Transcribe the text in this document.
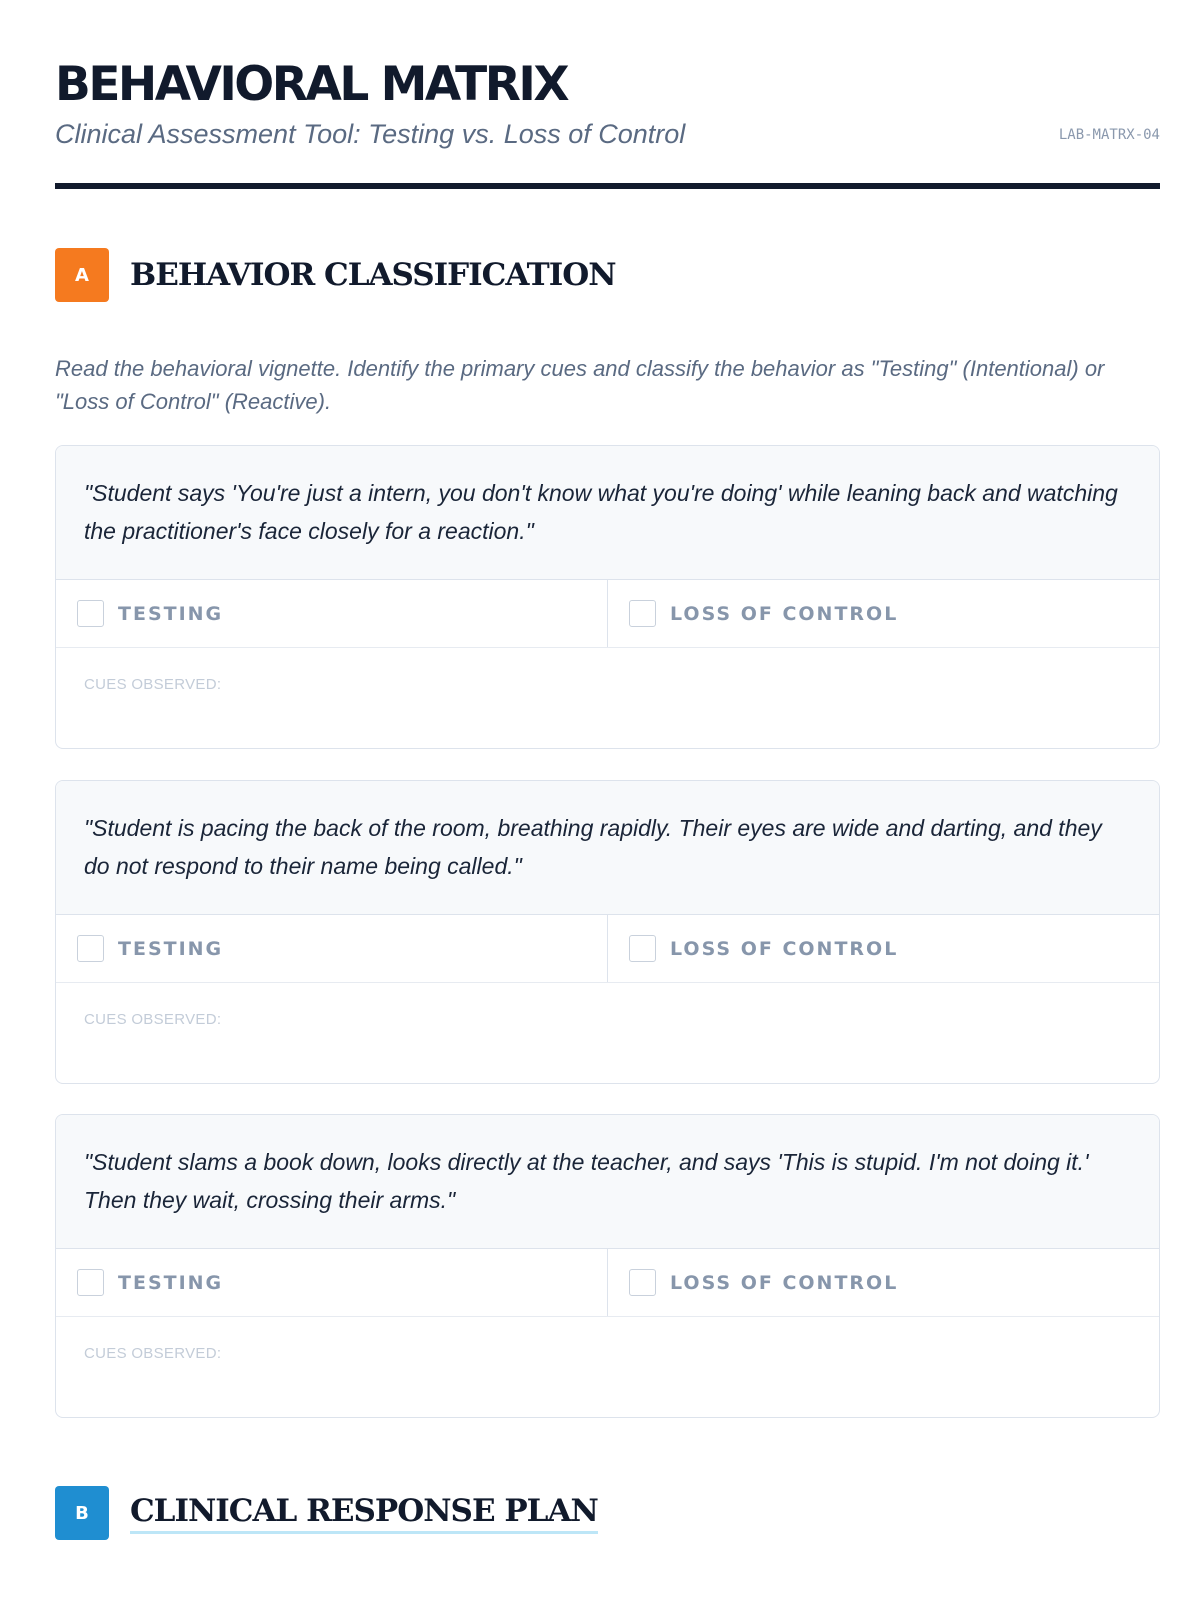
BEHAVIORAL MATRIX
Clinical Assessment Tool: Testing vs. Loss of Control	LAB-MATRX-04
A	BEHAVIOR CLASSIFICATION
Read the behavioral vignette. Identify the primary cues and classify the behavior as "Testing" (Intentional) or "Loss of Control" (Reactive).
"Student says 'You're just a intern, you don't know what you're doing' while leaning back and watching the practitioner's face closely for a reaction."
TESTING	LOSS OF CONTROL
CUES OBSERVED:
"Student is pacing the back of the room, breathing rapidly. Their eyes are wide and darting, and they do not respond to their name being called."
TESTING	LOSS OF CONTROL
CUES OBSERVED:
"Student slams a book down, looks directly at the teacher, and says 'This is stupid. I'm not doing it.' Then they wait, crossing their arms."
TESTING	LOSS OF CONTROL
CUES OBSERVED:
B	CLINICAL RESPONSE PLAN
